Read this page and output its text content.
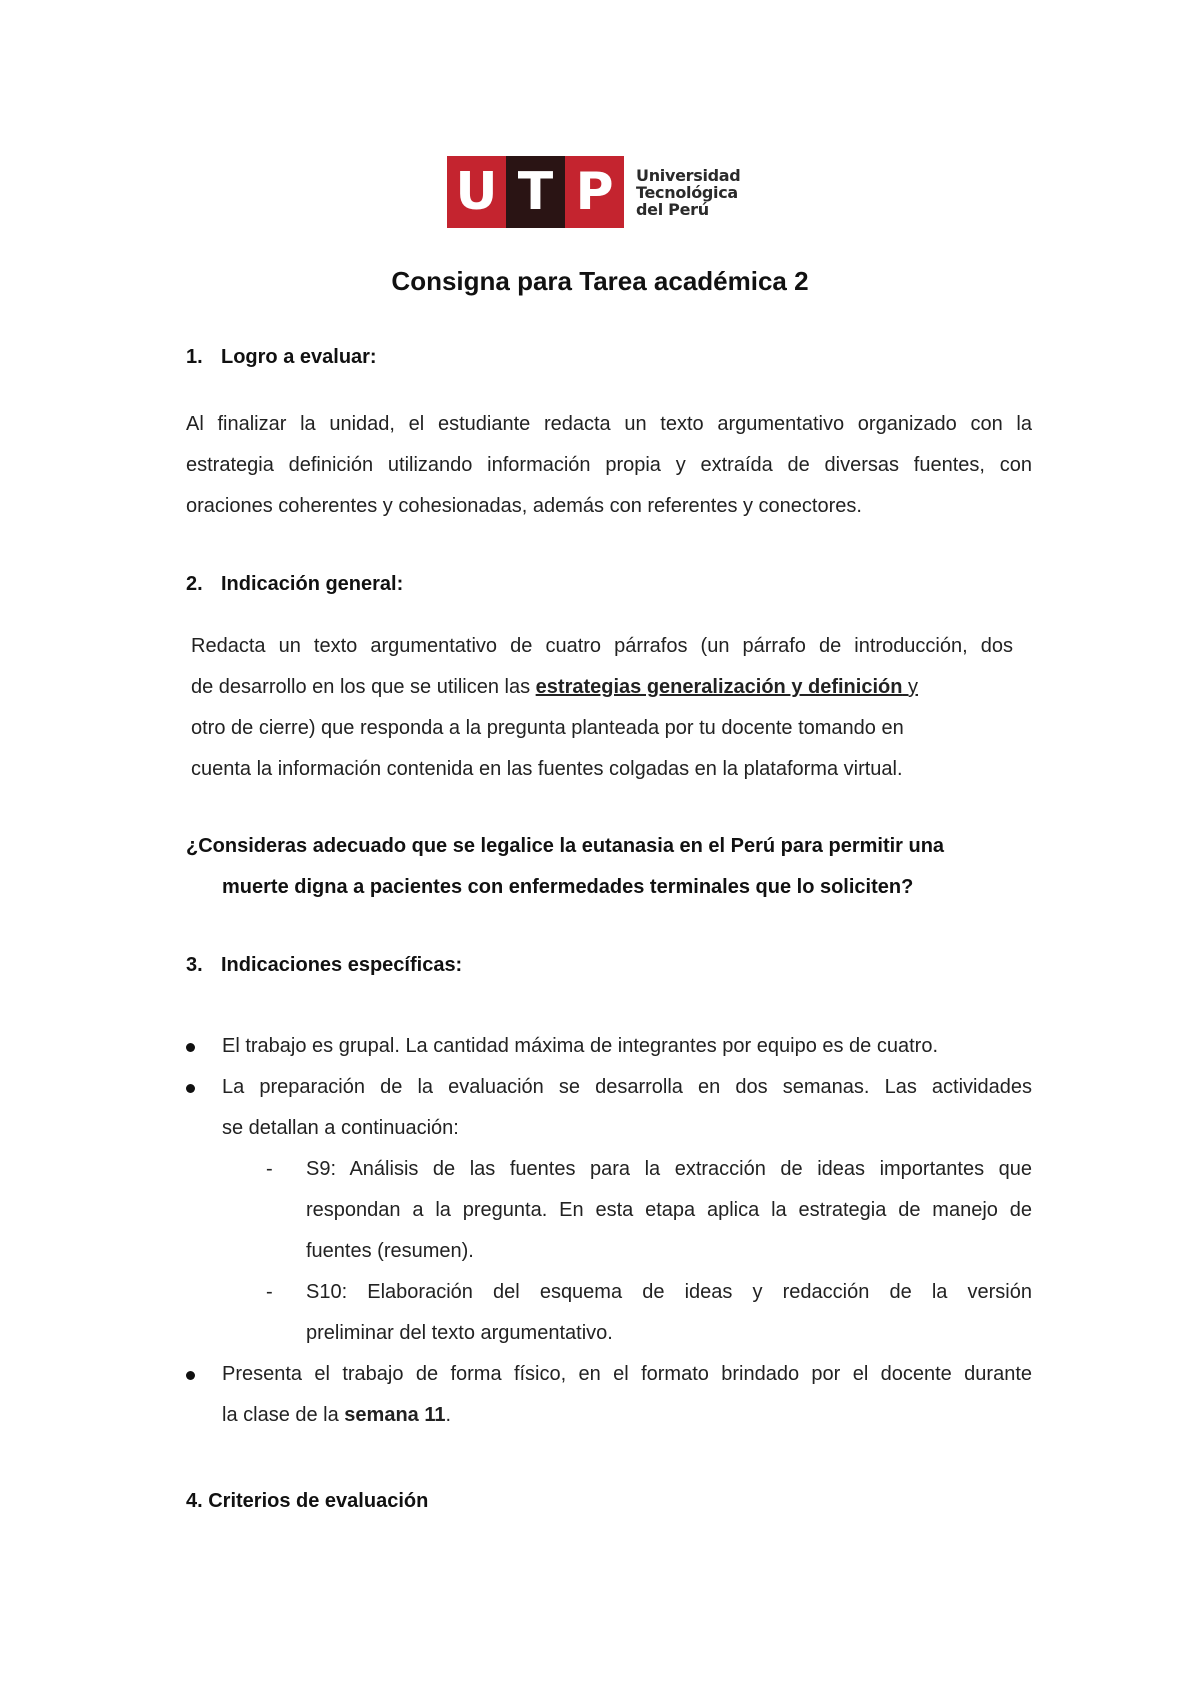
U T P	Universidad
Tecnológica
del Perú
Consigna para Tarea académica 2
1. Logro a evaluar:
Al finalizar la unidad, el estudiante redacta un texto argumentativo organizado con la
estrategia definición utilizando información propia y extraída de diversas fuentes, con
oraciones coherentes y cohesionadas, además con referentes y conectores.
2. Indicación general:
Redacta un texto argumentativo de cuatro párrafos (un párrafo de introducción, dos
de desarrollo en los que se utilicen las estrategias generalización y definición y
otro de cierre) que responda a la pregunta planteada por tu docente tomando en
cuenta la información contenida en las fuentes colgadas en la plataforma virtual.
¿Consideras adecuado que se legalice la eutanasia en el Perú para permitir una
muerte digna a pacientes con enfermedades terminales que lo soliciten?
3. Indicaciones específicas:
El trabajo es grupal. La cantidad máxima de integrantes por equipo es de cuatro.
La preparación de la evaluación se desarrolla en dos semanas. Las actividades
se detallan a continuación:
- S9: Análisis de las fuentes para la extracción de ideas importantes que
respondan a la pregunta. En esta etapa aplica la estrategia de manejo de
fuentes (resumen).
- S10: Elaboración del esquema de ideas y redacción de la versión
preliminar del texto argumentativo.
Presenta el trabajo de forma físico, en el formato brindado por el docente durante
la clase de la semana 11.
4. Criterios de evaluación
